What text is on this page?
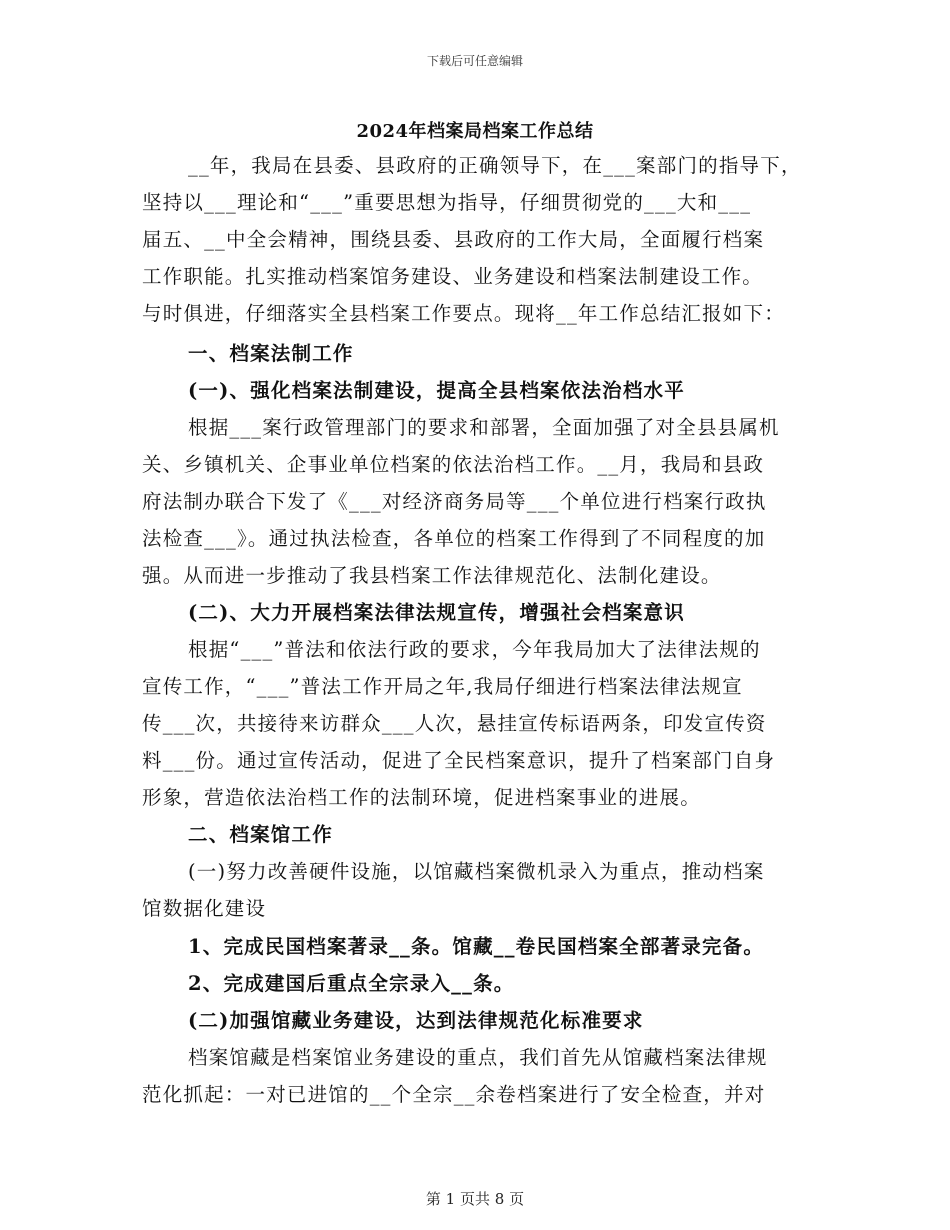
下载后可任意编辑
2024年档案局档案工作总结
__年，我局在县委、县政府的正确领导下，在___案部门的指导下，
坚持以___理论和“___”重要思想为指导，仔细贯彻党的___大和___
届五、__中全会精神，围绕县委、县政府的工作大局，全面履行档案
工作职能。扎实推动档案馆务建设、业务建设和档案法制建设工作。
与时俱进，仔细落实全县档案工作要点。现将__年工作总结汇报如下：
一、档案法制工作
(一)、强化档案法制建设，提高全县档案依法治档水平
根据___案行政管理部门的要求和部署，全面加强了对全县县属机
关、乡镇机关、企事业单位档案的依法治档工作。__月，我局和县政
府法制办联合下发了《___对经济商务局等___个单位进行档案行政执
法检查___》。通过执法检查，各单位的档案工作得到了不同程度的加
强。从而进一步推动了我县档案工作法律规范化、法制化建设。
(二)、大力开展档案法律法规宣传，增强社会档案意识
根据“___”普法和依法行政的要求，今年我局加大了法律法规的
宣传工作，“___”普法工作开局之年,我局仔细进行档案法律法规宣
传___次，共接待来访群众___人次，悬挂宣传标语两条，印发宣传资
料___份。通过宣传活动，促进了全民档案意识，提升了档案部门自身
形象，营造依法治档工作的法制环境，促进档案事业的进展。
二、档案馆工作
(一)努力改善硬件设施，以馆藏档案微机录入为重点，推动档案
馆数据化建设
1、完成民国档案著录__条。馆藏__卷民国档案全部著录完备。
2、完成建国后重点全宗录入__条。
(二)加强馆藏业务建设，达到法律规范化标准要求
档案馆藏是档案馆业务建设的重点，我们首先从馆藏档案法律规
范化抓起：一对已进馆的__个全宗__余卷档案进行了安全检查，并对
第 1 页共 8 页
